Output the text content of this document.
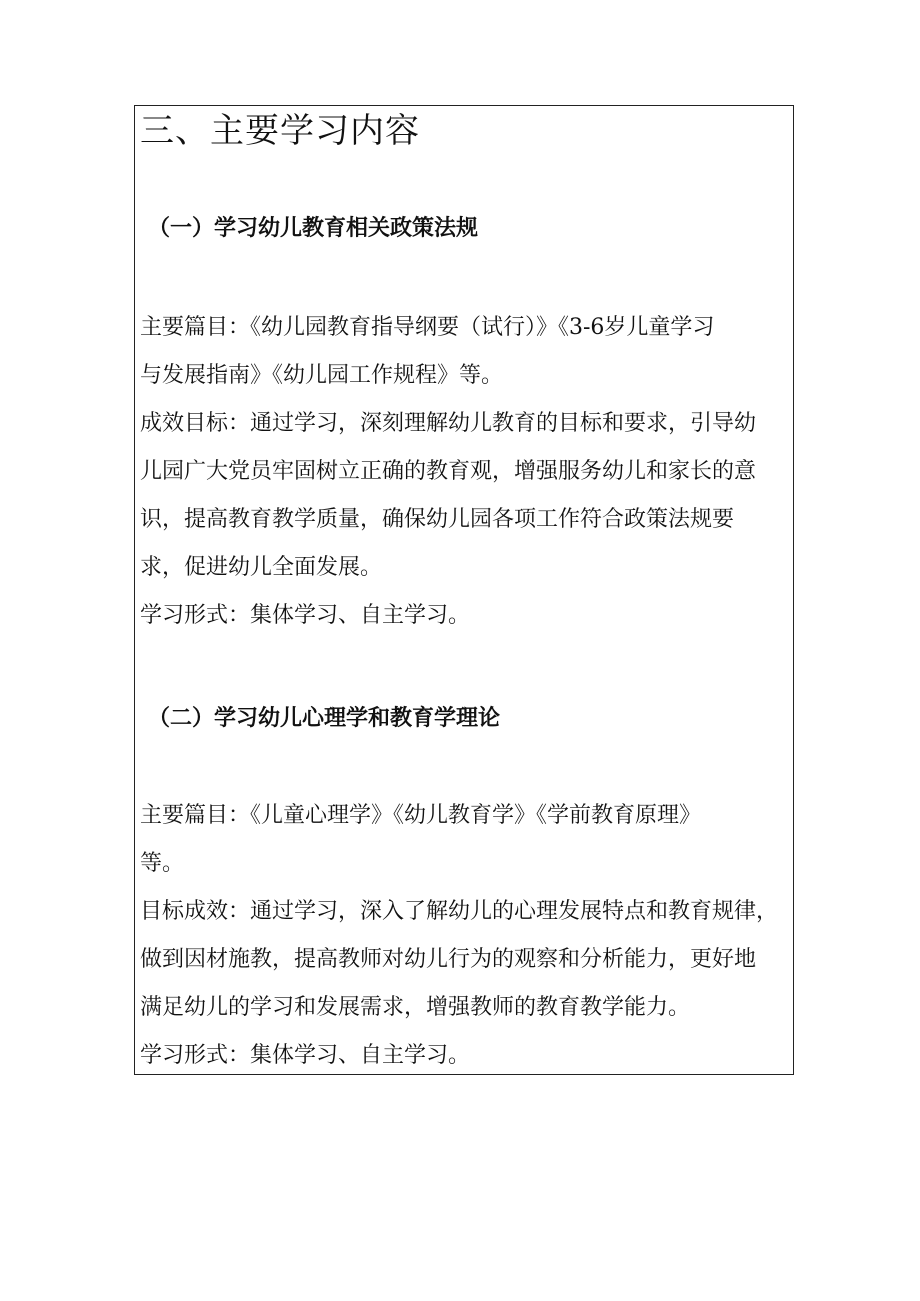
三、主要学习内容
（一）学习幼儿教育相关政策法规
主要篇目：《幼儿园教育指导纲要（试行）》《3-6岁儿童学习
与发展指南》《幼儿园工作规程》等。
成效目标：通过学习，深刻理解幼儿教育的目标和要求，引导幼
儿园广大党员牢固树立正确的教育观，增强服务幼儿和家长的意
识，提高教育教学质量，确保幼儿园各项工作符合政策法规要
求，促进幼儿全面发展。
学习形式：集体学习、自主学习。
（二）学习幼儿心理学和教育学理论
主要篇目：《儿童心理学》《幼儿教育学》《学前教育原理》
等。
目标成效：通过学习，深入了解幼儿的心理发展特点和教育规律，
做到因材施教，提高教师对幼儿行为的观察和分析能力，更好地
满足幼儿的学习和发展需求，增强教师的教育教学能力。
学习形式：集体学习、自主学习。
